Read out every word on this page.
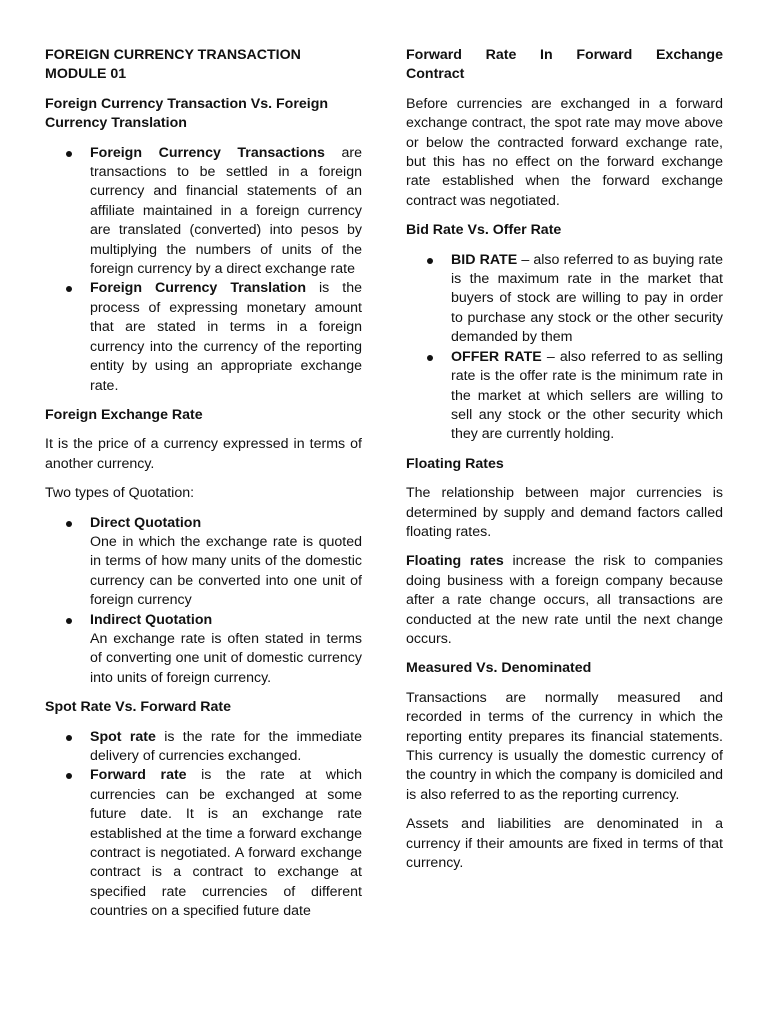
FOREIGN CURRENCY TRANSACTION
MODULE 01
Foreign Currency Transaction Vs. Foreign Currency Translation
Foreign Currency Transactions are transactions to be settled in a foreign currency and financial statements of an affiliate maintained in a foreign currency are translated (converted) into pesos by multiplying the numbers of units of the foreign currency by a direct exchange rate
Foreign Currency Translation is the process of expressing monetary amount that are stated in terms in a foreign currency into the currency of the reporting entity by using an appropriate exchange rate.
Foreign Exchange Rate

It is the price of a currency expressed in terms of another currency.

Two types of Quotation:

Direct Quotation
One in which the exchange rate is quoted in terms of how many units of the domestic currency can be converted into one unit of foreign currency
Indirect Quotation
An exchange rate is often stated in terms of converting one unit of domestic currency into units of foreign currency.
Spot Rate Vs. Forward Rate
Spot rate is the rate for the immediate delivery of currencies exchanged.
Forward rate is the rate at which currencies can be exchanged at some future date. It is an exchange rate established at the time a forward exchange contract is negotiated. A forward exchange contract is a contract to exchange at specified rate currencies of different countries on a specified future date
Forward Rate In Forward Exchange
Contract

Before currencies are exchanged in a forward exchange contract, the spot rate may move above or below the contracted forward exchange rate, but this has no effect on the forward exchange rate established when the forward exchange contract was negotiated.

Bid Rate Vs. Offer Rate
BID RATE – also referred to as buying rate is the maximum rate in the market that buyers of stock are willing to pay in order to purchase any stock or the other security demanded by them
OFFER RATE – also referred to as selling rate is the offer rate is the minimum rate in the market at which sellers are willing to sell any stock or the other security which they are currently holding.
Floating Rates

The relationship between major currencies is determined by supply and demand factors called floating rates.

Floating rates increase the risk to companies doing business with a foreign company because after a rate change occurs, all transactions are conducted at the new rate until the next change occurs.

Measured Vs. Denominated

Transactions are normally measured and recorded in terms of the currency in which the reporting entity prepares its financial statements. This currency is usually the domestic currency of the country in which the company is domiciled and is also referred to as the reporting currency.

Assets and liabilities are denominated in a currency if their amounts are fixed in terms of that currency.
